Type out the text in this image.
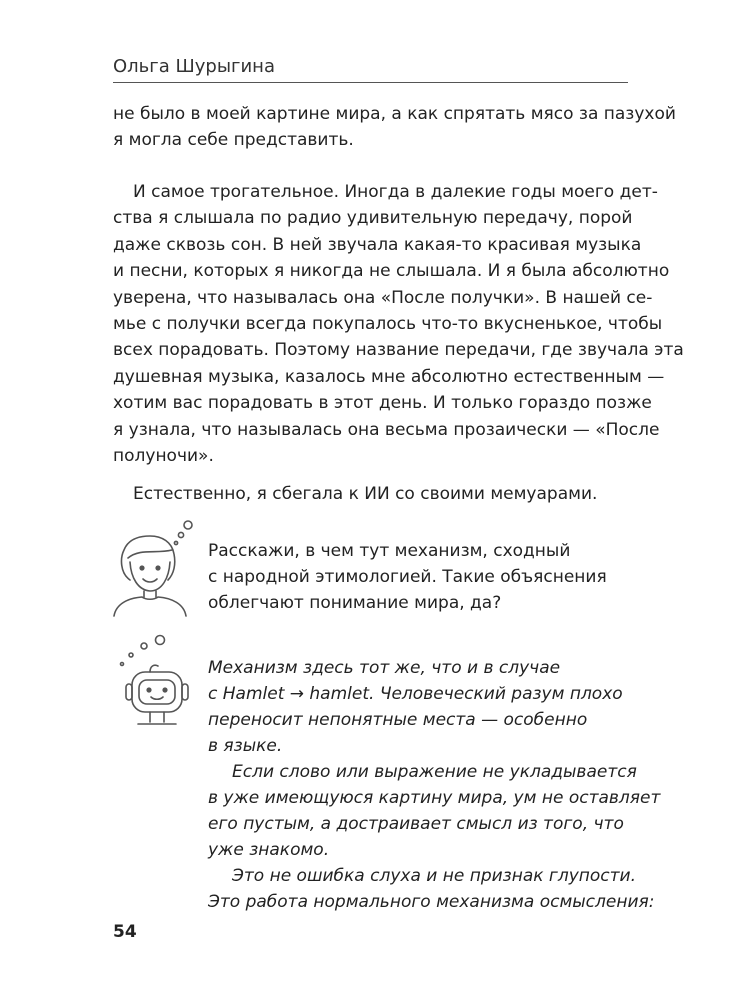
Ольга Шурыгина
не было в моей картине мира, а как спрятать мясо за пазухой
я могла себе представить.
И самое трогательное. Иногда в далекие годы моего дет-
ства я слышала по радио удивительную передачу, порой
даже сквозь сон. В ней звучала какая-то красивая музыка
и песни, которых я никогда не слышала. И я была абсолютно
уверена, что называлась она «После получки». В нашей се-
мье с получки всегда покупалось что-то вкусненькое, чтобы
всех порадовать. Поэтому название передачи, где звучала эта
душевная музыка, казалось мне абсолютно естественным —
хотим вас порадовать в этот день. И только гораздо позже
я узнала, что называлась она весьма прозаически — «После
полуночи».
Естественно, я сбегала к ИИ со своими мемуарами.
Расскажи, в чем тут механизм, сходный
с народной этимологией. Такие объяснения
облегчают понимание мира, да?
Механизм здесь тот же, что и в случае
с Hamlet → hamlet. Человеческий разум плохо
переносит непонятные места — особенно
в языке.
Если слово или выражение не укладывается
в уже имеющуюся картину мира, ум не оставляет
его пустым, а достраивает смысл из того, что
уже знакомо.
Это не ошибка слуха и не признак глупости.
Это работа нормального механизма осмысления:
54
